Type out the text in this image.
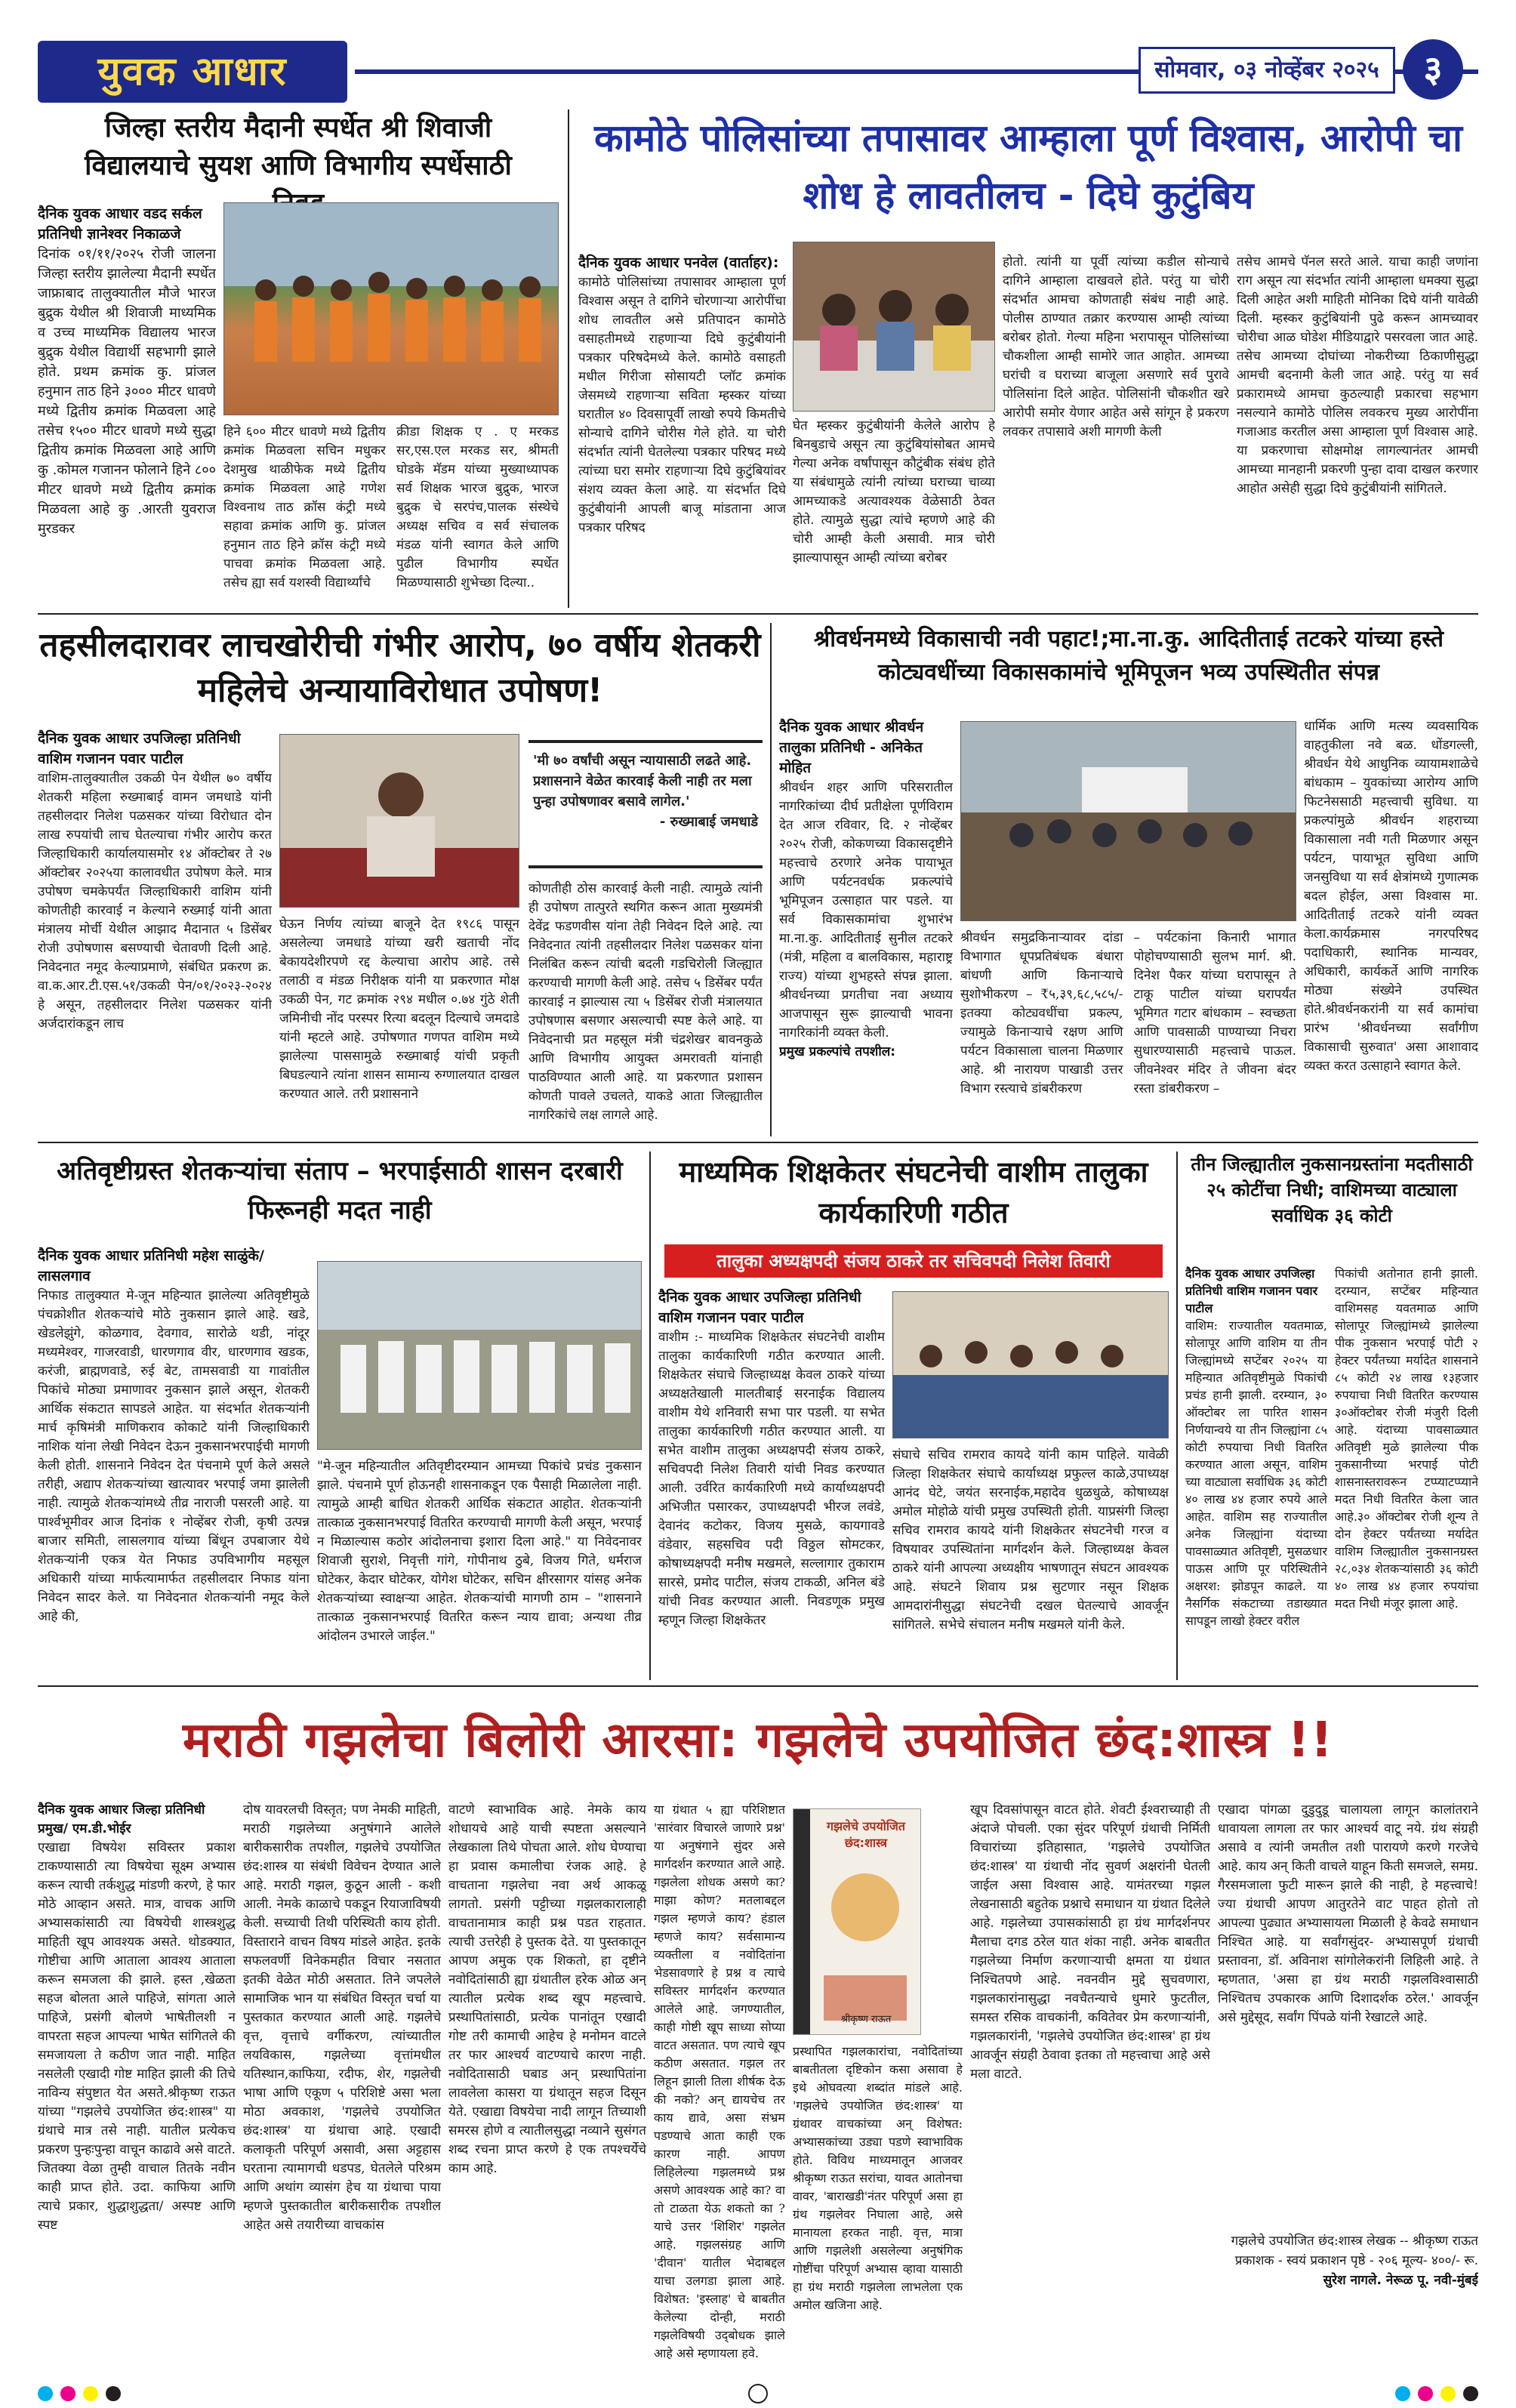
युवक आधार	सोमवार, ०३ नोव्हेंबर २०२५	३
जिल्हा स्तरीय मैदानी स्पर्धेत श्री शिवाजी विद्यालयाचे सुयश आणि विभागीय स्पर्धेसाठी
दैनिक युवक आधार वडद सर्कल प्रतिनिधी ज्ञानेश्वर निकाळजे
दिनांक ०१/११/२०२५ रोजी जालना जिल्हा स्तरीय झालेल्या मैदानी स्पर्धेत जाफ्राबाद तालुक्यातील मौजे भारज बुद्रुक येथील श्री शिवाजी माध्यमिक व उच्च माध्यमिक विद्यालय भारज बुद्रुक येथील विद्यार्थी सहभागी झाले होते. प्रथम क्रमांक कु. प्रांजल हनुमान ताठ हिने ३००० मीटर धावणे मध्ये द्वितीय क्रमांक मिळवला आहे तसेच १५०० मीटर धावणे मध्ये सुद्धा द्वितीय क्रमांक मिळवला आहे आणि कु .कोमल गजानन फोलाने हिने ८०० मीटर धावणे मध्ये द्वितीय क्रमांक मिळवला आहे कु .आरती युवराज मुरडकर
हिने ६०० मीटर धावणे मध्ये द्वितीय क्रमांक मिळवला सचिन मधुकर देशमुख थाळीफेक मध्ये द्वितीय क्रमांक मिळवला आहे गणेश विश्वनाथ ताठ क्रॉस कंट्री मध्ये सहावा क्रमांक आणि कु. प्रांजल हनुमान ताठ हिने क्रॉस कंट्री मध्ये पाचवा क्रमांक मिळवला आहे. तसेच ह्या सर्व यशस्वी विद्यार्थ्यांचे
क्रीडा शिक्षक ए . ए मरकड सर,एस.एल मरकड सर, श्रीमती घोडके मॅडम यांच्या मुख्याध्यापक सर्व शिक्षक भारज बुद्रुक, भारज बुद्रुक चे सरपंच,पालक संस्थेचे अध्यक्ष सचिव व सर्व संचालक मंडळ यांनी स्वागत केले आणि पुढील विभागीय स्पर्धेत मिळण्यासाठी शुभेच्छा दिल्या..
कामोठे पोलिसांच्या तपासावर आम्हाला पूर्ण विश्वास, आरोपी चा शोध हे लावतीलच - दिघे कुटुंबिय
दैनिक युवक आधार पनवेल (वार्ताहर):
कामोठे पोलिसांच्या तपासावर आम्हाला पूर्ण विश्वास असून ते दागिने चोरणाऱ्या आरोपींचा शोध लावतील असे प्रतिपादन कामोठे वसाहतीमध्ये राहणाऱ्या दिघे कुटुंबीयांनी पत्रकार परिषदेमध्ये केले. कामोठे वसाहती मधील गिरीजा सोसायटी प्लॉट क्रमांक जेसमध्ये राहणाऱ्या सविता म्हस्कर यांच्या घरातील ४० दिवसापूर्वी लाखो रुपये किमतीचे सोन्याचे दागिने चोरीस गेले होते. या चोरी संदर्भात त्यांनी घेतलेल्या पत्रकार परिषद मध्ये त्यांच्या घरा समोर राहणाऱ्या दिघे कुटुंबियांवर संशय व्यक्त केला आहे. या संदर्भात दिघे कुटुंबीयांनी आपली बाजू मांडताना आज पत्रकार परिषद
घेत म्हस्कर कुटुंबीयांनी केलेले आरोप हे बिनबुडाचे असून त्या कुटुंबियांसोबत आमचे गेल्या अनेक वर्षांपासून कौटुंबीक संबंध होते या संबंधामुळे त्यांनी त्यांच्या घराच्या चाव्या आमच्याकडे अत्यावश्यक वेळेसाठी ठेवत होते. त्यामुळे सुद्धा त्यांचे म्हणणे आहे की चोरी आम्ही केली असावी. मात्र चोरी झाल्यापासून आम्ही त्यांच्या बरोबर
होतो. त्यांनी या पूर्वी त्यांच्या कडील सोन्याचे दागिने आम्हाला दाखवले होते. परंतु या चोरी संदर्भात आमचा कोणताही संबंध नाही आहे. पोलीस ठाण्यात तक्रार करण्यास आम्ही त्यांच्या बरोबर होतो. गेल्या महिना भरापासून पोलिसांच्या चौकशीला आम्ही सामोरे जात आहोत. आमच्या घरांची व घराच्या बाजूला असणारे सर्व पुरावे पोलिसांना दिले आहेत. पोलिसांनी चौकशीत खरे आरोपी समोर येणार आहेत असे सांगून हे प्रकरण लवकर तपासावे अशी मागणी केली
तसेच आमचे पॅनल सरते आले. याचा काही जणांना राग असून त्या संदर्भात त्यांनी आम्हाला धमक्या सुद्धा दिली आहेत अशी माहिती मोनिका दिघे यांनी यावेळी दिली. म्हस्कर कुटुंबियांनी पुढे करून आमच्यावर चोरीचा आळ घोडेश मीडियाद्वारे पसरवला जात आहे. तसेच आमच्या दोघांच्या नोकरीच्या ठिकाणीसुद्धा आमची बदनामी केली जात आहे. परंतु या सर्व प्रकारामध्ये आमचा कुठल्याही प्रकारचा सहभाग नसल्याने कामोठे पोलिस लवकरच मुख्य आरोपींना गजाआड करतील असा आम्हाला पूर्ण विश्वास आहे. या प्रकरणाचा सोक्षमोक्ष लागल्यानंतर आमची आमच्या मानहानी प्रकरणी पुन्हा दावा दाखल करणार आहोत असेही सुद्धा दिघे कुटुंबीयांनी सांगितले.
तहसीलदारावर लाचखोरीची गंभीर आरोप, ७० वर्षीय शेतकरी महिलेचे अन्यायाविरोधात उपोषण!
दैनिक युवक आधार उपजिल्हा प्रतिनिधी वाशिम गजानन पवार पाटील
वाशिम-तालुक्यातील उकळी पेन येथील ७० वर्षीय शेतकरी महिला रुख्माबाई वामन जमधाडे यांनी तहसीलदार निलेश पळसकर यांच्या विरोधात दोन लाख रुपयांची लाच घेतल्याचा गंभीर आरोप करत जिल्हाधिकारी कार्यालयासमोर १४ ऑक्टोबर ते २७ ऑक्टोबर २०२५या कालावधीत उपोषण केले. मात्र उपोषण चमकेपर्यंत जिल्हाधिकारी वाशिम यांनी कोणतीही कारवाई न केल्याने रुख्माई यांनी आता मंत्रालय मोर्ची येथील आझाद मैदानात ५ डिसेंबर रोजी उपोषणास बसण्याची चेतावणी दिली आहे. निवेदनात नमूद केल्याप्रमाणे, संबंधित प्रकरण क्र. वा.क.आर.टी.एस.५१/उकळी पेन/०१/२०२३-२०२४ हे असून, तहसीलदार निलेश पळसकर यांनी अर्जदारांकडून लाच
घेऊन निर्णय त्यांच्या बाजूने देत १९८६ पासून असलेल्या जमधाडे यांच्या खरी खताची नोंद बेकायदेशीरपणे रद्द केल्याचा आरोप आहे. तसे तलाठी व मंडळ निरीक्षक यांनी या प्रकरणात मोक्ष उकळी पेन, गट क्रमांक २९४ मधील ०.७४ गुंठे शेती जमिनीची नोंद परस्पर रित्या बदलून दिल्याचे जमदाडे यांनी म्हटले आहे. उपोषणात गणपत वाशिम मध्ये झालेल्या पाससामुळे रुख्माबाई यांची प्रकृती बिघडल्याने त्यांना शासन सामान्य रुग्णालयात दाखल करण्यात आले. तरी प्रशासनाने
'मी ७० वर्षांची असून न्यायासाठी लढते आहे. प्रशासनाने वेळेत कारवाई केली नाही तर मला पुन्हा उपोषणावर बसावे लागेल.'
- रुख्माबाई जमधाडे
कोणतीही ठोस कारवाई केली नाही. त्यामुळे त्यांनी ही उपोषण तात्पुरते स्थगित करून आता मुख्यमंत्री देवेंद्र फडणवीस यांना तेही निवेदन दिले आहे. त्या निवेदनात त्यांनी तहसीलदार निलेश पळसकर यांना निलंबित करून त्यांची बदली गडचिरोली जिल्ह्यात करण्याची मागणी केली आहे. तसेच ५ डिसेंबर पर्यंत कारवाई न झाल्यास त्या ५ डिसेंबर रोजी मंत्रालयात उपोषणास बसणार असल्याची स्पष्ट केले आहे. या निवेदनाची प्रत महसूल मंत्री चंद्रशेखर बावनकुळे आणि विभागीय आयुक्त अमरावती यांनाही पाठविण्यात आली आहे. या प्रकरणात प्रशासन कोणती पावले उचलते, याकडे आता जिल्ह्यातील नागरिकांचे लक्ष लागले आहे.
श्रीवर्धनमध्ये विकासाची नवी पहाट!;मा.ना.कु. आदितीताई तटकरे यांच्या हस्ते कोट्यवधींच्या विकासकामांचे भूमिपूजन भव्य उपस्थितीत संपन्न
दैनिक युवक आधार श्रीवर्धन तालुका प्रतिनिधी - अनिकेत मोहित
श्रीवर्धन शहर आणि परिसरातील नागरिकांच्या दीर्घ प्रतीक्षेला पूर्णविराम देत आज रविवार, दि. २ नोव्हेंबर २०२५ रोजी, कोकणच्या विकासदृष्टीने महत्त्वाचे ठरणारे अनेक पायाभूत आणि पर्यटनवर्धक प्रकल्पांचे भूमिपूजन उत्साहात पार पडले. या सर्व विकासकामांचा शुभारंभ मा.ना.कु. आदितीताई सुनील तटकरे (मंत्री, महिला व बालविकास, महाराष्ट्र राज्य) यांच्या शुभहस्ते संपन्न झाला. श्रीवर्धनच्या प्रगतीचा नवा अध्याय आजपासून सुरू झाल्याची भावना नागरिकांनी व्यक्त केली.
प्रमुख प्रकल्पांचे तपशील:
श्रीवर्धन समुद्रकिनाऱ्यावर दांडा विभागात धूपप्रतिबंधक बंधारा बांधणी आणि किनाऱ्याचे सुशोभीकरण – ₹५,३९,६८,५८५/- इतक्या कोट्यवधींचा प्रकल्प, ज्यामुळे किनाऱ्याचे रक्षण आणि पर्यटन विकासाला चालना मिळणार आहे. श्री नारायण पाखाडी उत्तर विभाग रस्त्याचे डांबरीकरण
– पर्यटकांना किनारी भागात पोहोचण्यासाठी सुलभ मार्ग. श्री. दिनेश पैकर यांच्या घरापासून ते टाकू पाटील यांच्या घरापर्यंत भूमिगत गटार बांधकाम – स्वच्छता आणि पावसाळी पाण्याच्या निचरा सुधारण्यासाठी महत्त्वाचे पाऊल. जीवनेश्वर मंदिर ते जीवना बंदर रस्ता डांबरीकरण –
धार्मिक आणि मत्स्य व्यवसायिक वाहतुकीला नवे बळ. धोंडगल्ली, श्रीवर्धन येथे आधुनिक व्यायामशाळेचे बांधकाम – युवकांच्या आरोग्य आणि फिटनेससाठी महत्त्वाची सुविधा. या प्रकल्पांमुळे श्रीवर्धन शहराच्या विकासाला नवी गती मिळणार असून पर्यटन, पायाभूत सुविधा आणि जनसुविधा या सर्व क्षेत्रांमध्ये गुणात्मक बदल होईल, असा विश्वास मा. आदितीताई तटकरे यांनी व्यक्त केला.कार्यक्रमास नगरपरिषद पदाधिकारी, स्थानिक मान्यवर, अधिकारी, कार्यकर्ते आणि नागरिक मोठ्या संख्येने उपस्थित होते.श्रीवर्धनकरांनी या सर्व कामांचा प्रारंभ 'श्रीवर्धनच्या सर्वांगीण विकासाची सुरुवात' असा आशावाद व्यक्त करत उत्साहाने स्वागत केले.
अतिवृष्टीग्रस्त शेतकऱ्यांचा संताप – भरपाईसाठी शासन दरबारी फिरूनही मदत नाही
दैनिक युवक आधार प्रतिनिधी महेश साळुंके/लासलगाव
निफाड तालुक्यात मे-जून महिन्यात झालेल्या अतिवृष्टीमुळे पंचक्रोशीत शेतकऱ्यांचे मोठे नुकसान झाले आहे. खडे, खेडलेझुंगे, कोळगाव, देवगाव, सारोळे थडी, नांदूर मध्यमेश्वर, गाजरवाडी, धारणगाव वीर, धारणगाव खडक, करंजी, ब्राह्मणवाडे, रुई बेट, तामसवाडी या गावांतील पिकांचे मोठ्या प्रमाणावर नुकसान झाले असून, शेतकरी आर्थिक संकटात सापडले आहेत. या संदर्भात शेतकऱ्यांनी मार्च कृषिमंत्री माणिकराव कोकाटे यांनी जिल्हाधिकारी नाशिक यांना लेखी निवेदन देऊन नुकसानभरपाईची मागणी केली होती. शासनाने निवेदन देत पंचनामे पूर्ण केले असले तरीही, अद्याप शेतकऱ्यांच्या खात्यावर भरपाई जमा झालेली नाही. त्यामुळे शेतकऱ्यांमध्ये तीव्र नाराजी पसरली आहे. या पार्श्वभूमीवर आज दिनांक १ नोव्हेंबर रोजी, कृषी उत्पन्न बाजार समिती, लासलगाव यांच्या बिंधून उपबाजार येथे शेतकऱ्यांनी एकत्र येत निफाड उपविभागीय महसूल अधिकारी यांच्या मार्फत्यामार्फत तहसीलदार निफाड यांना निवेदन सादर केले. या निवेदनात शेतकऱ्यांनी नमूद केले आहे की,
"मे-जून महिन्यातील अतिवृष्टीदरम्यान आमच्या पिकांचे प्रचंड नुकसान झाले. पंचनामे पूर्ण होऊनही शासनाकडून एक पैसाही मिळालेला नाही. त्यामुळे आम्ही बाधित शेतकरी आर्थिक संकटात आहोत. शेतकऱ्यांनी तात्काळ नुकसानभरपाई वितरित करण्याची मागणी केली असून, भरपाई न मिळाल्यास कठोर आंदोलनाचा इशारा दिला आहे." या निवेदनावर शिवाजी सुराशे, निवृत्ती गांगे, गोपीनाथ ठुबे, विजय गिते, धर्मराज घोटेकर, केदार घोटेकर, योगेश घोटेकर, सचिन क्षीरसागर यांसह अनेक शेतकऱ्यांच्या स्वाक्षऱ्या आहेत. शेतकऱ्यांची मागणी ठाम – "शासनाने तात्काळ नुकसानभरपाई वितरित करून न्याय द्यावा; अन्यथा तीव्र आंदोलन उभारले जाईल."
माध्यमिक शिक्षकेतर संघटनेची वाशीम तालुका कार्यकारिणी गठीत
तालुका अध्यक्षपदी संजय ठाकरे तर सचिवपदी निलेश तिवारी
दैनिक युवक आधार उपजिल्हा प्रतिनिधी वाशिम गजानन पवार पाटील
वाशीम :- माध्यमिक शिक्षकेतर संघटनेची वाशीम तालुका कार्यकारिणी गठीत करण्यात आली. शिक्षकेतर संघाचे जिल्हाध्यक्ष केवल ठाकरे यांच्या अध्यक्षतेखाली मालतीबाई सरनाईक विद्यालय वाशीम येथे शनिवारी सभा पार पडली. या सभेत तालुका कार्यकारिणी गठीत करण्यात आली. या सभेत वाशीम तालुका अध्यक्षपदी संजय ठाकरे, सचिवपदी निलेश तिवारी यांची निवड करण्यात आली. उर्वरित कार्यकारिणी मध्ये कार्याध्यक्षपदी अभिजीत पसारकर, उपाध्यक्षपदी भीरज लवंडे, देवानंद कटोकर, विजय मुसळे, कायगावडे वंडेवार, सहसचिव पदी विठ्ठल सोमटकर, कोषाध्यक्षपदी मनीष मखमले, सल्लागार तुकाराम सारसे, प्रमोद पाटील, संजय टाकळी, अनिल बंडे यांची निवड करण्यात आली. निवडणूक प्रमुख म्हणून जिल्हा शिक्षकेतर
संघाचे सचिव रामराव कायदे यांनी काम पाहिले. यावेळी जिल्हा शिक्षकेतर संघाचे कार्याध्यक्ष प्रफुल्ल काळे,उपाध्यक्ष आनंद घेटे, जयंत सरनाईक,महादेव धुळधुळे, कोषाध्यक्ष अमोल मोहोळे यांची प्रमुख उपस्थिती होती. याप्रसंगी जिल्हा सचिव रामराव कायदे यांनी शिक्षकेतर संघटनेची गरज व विषयावर उपस्थितांना मार्गदर्शन केले. जिल्हाध्यक्ष केवल ठाकरे यांनी आपल्या अध्यक्षीय भाषणातून संघटन आवश्यक आहे. संघटने शिवाय प्रश्न सुटणार नसून शिक्षक आमदारांनीसुद्धा संघटनेची दखल घेतल्याचे आवर्जून सांगितले. सभेचे संचालन मनीष मखमले यांनी केले.
तीन जिल्ह्यातील नुकसानग्रस्तांना मदतीसाठी २५ कोटींचा निधी; वाशिमच्या वाट्याला सर्वाधिक ३६ कोटी
दैनिक युवक आधार उपजिल्हा प्रतिनिधी वाशिम गजानन पवार पाटील
वाशिम: राज्यातील यवतमाळ, सोलापूर आणि वाशिम या तीन जिल्ह्यांमध्ये सप्टेंबर २०२५ या महिन्यात अतिवृष्टीमुळे पिकांची प्रचंड हानी झाली. दरम्यान, ३० ऑक्टोबर ला पारित शासन निर्णयान्वये या तीन जिल्ह्यांना ८५ कोटी रुपयाचा निधी वितरित करण्यात आला असून, वाशिम च्या वाट्याला सर्वाधिक ३६ कोटी ४० लाख ४४ हजार रुपये आले आहेत. वाशिम सह राज्यातील अनेक जिल्ह्यांना यंदाच्या पावसाळ्यात अतिवृष्टी, मुसळधार पाऊस आणि पूर परिस्थितीने अक्षरश: झोडपून काढले. या नैसर्गिक संकटाच्या तडाख्यात सापडून लाखो हेक्टर वरील
पिकांची अतोनात हानी झाली. दरम्यान, सप्टेंबर महिन्यात वाशिमसह यवतमाळ आणि सोलापूर जिल्ह्यांमध्ये झालेल्या पीक नुकसान भरपाई पोटी २ हेक्टर पर्यंतच्या मर्यादेत शासनाने ८५ कोटी २४ लाख १३हजार रुपयाचा निधी वितरित करण्यास ३०ऑक्टोबर रोजी मंजुरी दिली आहे. यंदाच्या पावसाळ्यात अतिवृष्टी मुळे झालेल्या पीक नुकसानीच्या भरपाई पोटी शासनास्तरावरून टप्प्याटप्प्याने मदत निधी वितरित केला जात आहे.३० ऑक्टोबर रोजी शून्य ते दोन हेक्टर पर्यंतच्या मर्यादेत वाशिम जिल्ह्यातील नुकसानग्रस्त २८,०३४ शेतकऱ्यांसाठी ३६ कोटी ४० लाख ४४ हजार रुपयांचा मदत निधी मंजूर झाला आहे.
मराठी गझलेचा बिलोरी आरसा: गझलेचे उपयोजित छंद:शास्त्र !!
दैनिक युवक आधार जिल्हा प्रतिनिधी प्रमुख/ एम.डी.भोईर
एखाद्या विषयेश सविस्तर प्रकाश टाकण्यासाठी त्या विषयेचा सूक्ष्म अभ्यास करून त्याची तर्कशुद्ध मांडणी करणे, हे फार मोठे आव्हान असते. मात्र, वाचक आणि अभ्यासकांसाठी त्या विषयेची शास्त्रशुद्ध माहिती खूप आवश्यक असते. थोडक्यात, गोष्टीचा आणि आताला आवश्य आताला करून समजला की झाले. हस्त ,खेळता सहज बोलता आले पाहिजे, सांगता आले पाहिजे, प्रसंगी बोलणे भाषेतीलशी न वापरता सहज आपल्या भाषेत सांगितले की समजायला ते कठीण जात नाही. माहित नसलेली एखादी गोष्ट माहित झाली की तिचे नाविन्य संपुष्टात येत असते.श्रीकृष्ण राऊत यांच्या "गझलेचे उपयोजित छंद:शास्त्र" या ग्रंथाचे मात्र तसे नाही. यातील प्रत्येकच प्रकरण पुन्हःपुन्हा वाचून काढावे असे वाटते. जितक्या वेळा तुम्ही वाचाल तितके नवीन काही प्राप्त होते. उदा. काफिया आणि त्याचे प्रकार, शुद्धाशुद्धता/ अस्पष्ट आणि स्पष्ट
दोष यावरलची विस्तृत; पण नेमकी माहिती, मराठी गझलेच्या अनुषंगाने आलेले बारीकसारीक तपशील, गझलेचे उपयोजित छंद:शास्त्र या संबंधी विवेचन देण्यात आले आहे. मराठी गझल, कुठून आली - कशी आली. नेमके काळाचे पकडून रियाजाविषयी केली. सच्याची तिथी परिस्थिती काय होती. विस्ताराने वाचन विषय मांडले आहेत. इतके सफलवर्णी विनेकमहीत विचार नसतात इतकी वेळेत मोठी असतात. तिने जपलेले सामाजिक भान या संबंधित विस्तृत चर्चा या पुस्तकात करण्यात आली आहे. गझलेचे वृत्त, वृत्ताचे वर्गीकरण, त्यांच्यातील लयविकास, गझलेच्या वृत्तांमधील यतिस्थान,काफिया, रदीफ, शेर, गझलेची भाषा आणि एकूण ५ परिशिष्टे असा भला मोठा अवकाश, 'गझलेचे उपयोजित छंद:शास्त्र' या ग्रंथाचा आहे. एखादी कलाकृती परिपूर्ण असावी, असा अट्टहास घरताना त्यामागची धडपड, घेतलेले परिश्रम आणि अथांग व्यासंग हेच या ग्रंथाचा पाया म्हणजे पुस्तकातील बारीकसारीक तपशील आहेत असे तयारीच्या वाचकांस
वाटणे स्वाभाविक आहे. नेमके काय शोधायचे आहे याची स्पष्टता असल्याने लेखकाला तिथे पोचता आले. शोध घेण्याचा हा प्रवास कमालीचा रंजक आहे. हे वाचताना गझलेचा नवा अर्थ आकळू लागतो. प्रसंगी पट्टीच्या गझलकारालाही वाचतानामात्र काही प्रश्न पडत राहतात. त्याची उत्तरेही हे पुस्तक देते. या पुस्तकातून आपण अमुक एक शिकतो, हा दृष्टीने नवोदितांसाठी ह्या ग्रंथातील हरेक ओळ अन् त्यातील प्रत्येक शब्द खूप महत्त्वाचे. प्रस्थापितांसाठी, प्रत्येक पानांतून एखादी गोष्ट तरी कामाची आहेच हे मनोमन वाटले तर फार आश्चर्य वाटण्याचे कारण नाही. नवोदितासाठी घबाड अन् प्रस्थापितांना लावलेला कासरा या ग्रंथातून सहज दिसून येते. एखाद्या विषयेचा नादी लागून तिच्याशी समरस होणे व त्यातीलसुद्धा नव्याने सुसंगत शब्द रचना प्राप्त करणे हे एक तपश्चर्येचे काम आहे.
या ग्रंथात ५ ह्या परिशिष्टात 'सारंवार विचारले जाणारे प्रश्न' या अनुषंगाने सुंदर असे मार्गदर्शन करण्यात आले आहे. गझलेला शोधक असणे का? माझा कोण? मतलाबद्दल गझल म्हणजे काय? हंडाल म्हणजे काय? सर्वसामान्य व्यक्तीला व नवोदितांना भेडसावणारे हे प्रश्न व त्याचे सविस्तर मार्गदर्शन करण्यात आलेले आहे. जगण्यातील, काही गोष्टी खूप साध्या सोप्या वाटत असतात. पण त्याचे खूप कठीण असतात. गझल तर लिहून झाली तिला शीर्षक देऊ की नको? अन् द्यायचेच तर काय द्यावे, असा संभ्रम पडण्याचे आता काही एक कारण नाही. आपण लिहिलेल्या गझलमध्ये प्रश्न असणे आवश्यक आहे का? वा तो टाळता येऊ शकतो का ? याचे उत्तर 'शिशिर' गझलेत आहे. गझलसंग्रह आणि 'दीवान' यातील भेदाबद्दल याचा उलगडा झाला आहे. विशेषत: 'इस्लाह' चे बाबतीत केलेल्या दोन्ही, मराठी गझलेविषयी उद्‍बोधक झाले आहे असे म्हणायला हवे.
गझलेचे उपयोजित छंद:शास्त्र
श्रीकृष्ण राऊत
प्रस्थापित गझलकारांचा, नवोदितांच्या बाबतीतला दृष्टिकोन कसा असावा हे इथे ओघवत्या शब्दांत मांडले आहे. 'गझलेचे उपयोजित छंद:शास्त्र' या ग्रंथावर वाचकांच्या अन् विशेषत: अभ्यासकांच्या उड्या पडणे स्वाभाविक होते. विविध माध्यमातून आजवर श्रीकृष्ण राऊत सरांचा, यावत आतोनचा वावर, 'बाराखडी'नंतर परिपूर्ण असा हा ग्रंथ गझलेवर निघाला आहे, असे मानायला हरकत नाही. वृत्त, मात्रा आणि गझलेशी असलेल्या अनुषंगिक गोष्टींचा परिपूर्ण अभ्यास व्हावा यासाठी हा ग्रंथ मराठी गझलेला लाभलेला एक अमोल खजिना आहे.
खूप दिवसांपासून वाटत होते. शेवटी ईश्वराच्याही ती अंदाजे पोचली. एका सुंदर परिपूर्ण ग्रंथाची निर्मिती विचारांच्या इतिहासात, 'गझलेचे उपयोजित छंद:शास्त्र' या ग्रंथाची नोंद सुवर्ण अक्षरांनी घेतली जाईल असा विश्वास आहे. यामंतरच्या गझल लेखनासाठी बहुतेक प्रश्नाचे समाधान या ग्रंथात दिलेले आहे. गझलेच्या उपासकांसाठी हा ग्रंथ मार्गदर्शनपर मैलाचा दगड ठरेल यात शंका नाही. अनेक बाबतीत गझलेच्या निर्माण करणाऱ्याची क्षमता या ग्रंथात निश्चितपणे आहे. नवनवीन मुद्दे सुचवणारा, गझलकारांनासुद्धा नवचैतन्याचे धुमारे फुटतील, समस्त रसिक वाचकांनी, कवितेवर प्रेम करणाऱ्यांनी, गझलकारांनी, 'गझलेचे उपयोजित छंद:शास्त्र' हा ग्रंथ आवर्जून संग्रही ठेवावा इतका तो महत्त्वाचा आहे असे मला वाटते.
एखादा पांगळा दुडुदुडू चालायला लागून कालांतराने धावायला लागला तर फार आश्चर्य वाटू नये. ग्रंथ संग्रही असावे व त्यांनी जमतील तशी पारायणे करणे गरजेचे आहे. काय अन् किती वाचले याहून किती समजले, समग्र. गैरसमजाला फुटी मारून झाले की नाही, हे महत्त्वाचे! ज्या ग्रंथाची आपण आतुरतेने वाट पाहत होतो तो आपल्या पुढ्यात अभ्यासायला मिळाली हे केवढे समाधान निश्चित आहे. या सर्वांगसुंदर- अभ्यासपूर्ण ग्रंथाची प्रस्तावना, डॉ. अविनाश सांगोलेकरांनी लिहिली आहे. ते म्हणतात, 'असा हा ग्रंथ मराठी गझलविश्वासाठी निश्चितच उपकारक आणि दिशादर्शक ठरेल.' आवर्जून असे मुद्देसूद, सर्वांग पिंपळे यांनी रेखाटले आहे.
गझलेचे उपयोजित छंद:शास्त्र लेखक -- श्रीकृष्ण राऊत प्रकाशक - स्वयं प्रकाशन पृष्ठे - २०६ मूल्य- ४००/- रू.
सुरेश नागले. नेरूळ पू. नवी-मुंबई
